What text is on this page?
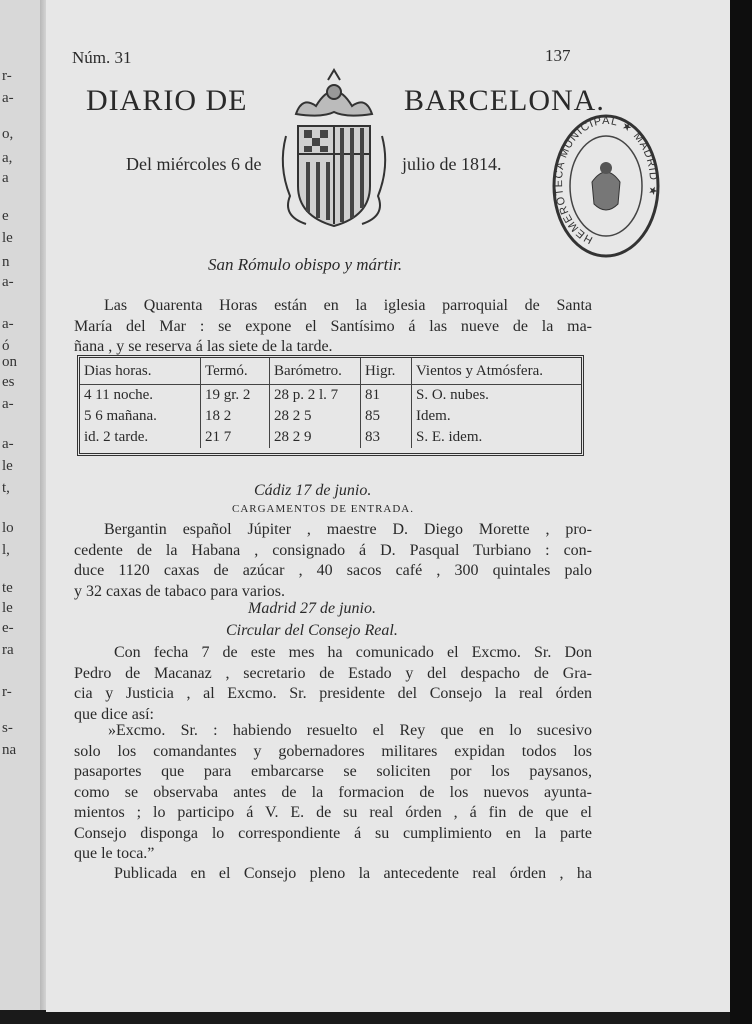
r-
a-
o,
a,
a
e
le
n
a-
a-
ó
on
es
a-
a-
le
t,
lo
l,
te
le
e-
ra
r-
s-
na
Núm. 31	137
DIARIO DE	BARCELONA.
Del miércoles 6 de	julio de 1814.
HEMEROTECA MUNICIPAL ★ MADRID ★
San Rómulo obispo y mártir.
Las Quarenta Horas están en la iglesia parroquial de Santa
María del Mar : se expone el Santísimo á las nueve de la ma-
ñana , y se reserva á las siete de la tarde.
Dias horas.	Termó.	Barómetro.	Higr.	Vientos y Atmósfera.
4 11 noche.	19 gr. 2	28 p. 2 l. 7	81	S. O. nubes.
5 6 mañana.	18 2	28 2 5	85	Idem.
id. 2 tarde.	21 7	28 2 9	83	S. E. idem.
Cádiz 17 de junio.
CARGAMENTOS DE ENTRADA.
Bergantin español Júpiter , maestre D. Diego Morette , pro-
cedente de la Habana , consignado á D. Pasqual Turbiano : con-
duce 1120 caxas de azúcar , 40 sacos café , 300 quintales palo
y 32 caxas de tabaco para varios.
Madrid 27 de junio.
Circular del Consejo Real.
Con fecha 7 de este mes ha comunicado el Excmo. Sr. Don
Pedro de Macanaz , secretario de Estado y del despacho de Gra-
cia y Justicia , al Excmo. Sr. presidente del Consejo la real órden
que dice así:
»Excmo. Sr. : habiendo resuelto el Rey que en lo sucesivo
solo los comandantes y gobernadores militares expidan todos los
pasaportes que para embarcarse se soliciten por los paysanos,
como se observaba antes de la formacion de los nuevos ayunta-
mientos ; lo participo á V. E. de su real órden , á fin de que el
Consejo disponga lo correspondiente á su cumplimiento en la parte
que le toca.”
Publicada en el Consejo pleno la antecedente real órden , ha
